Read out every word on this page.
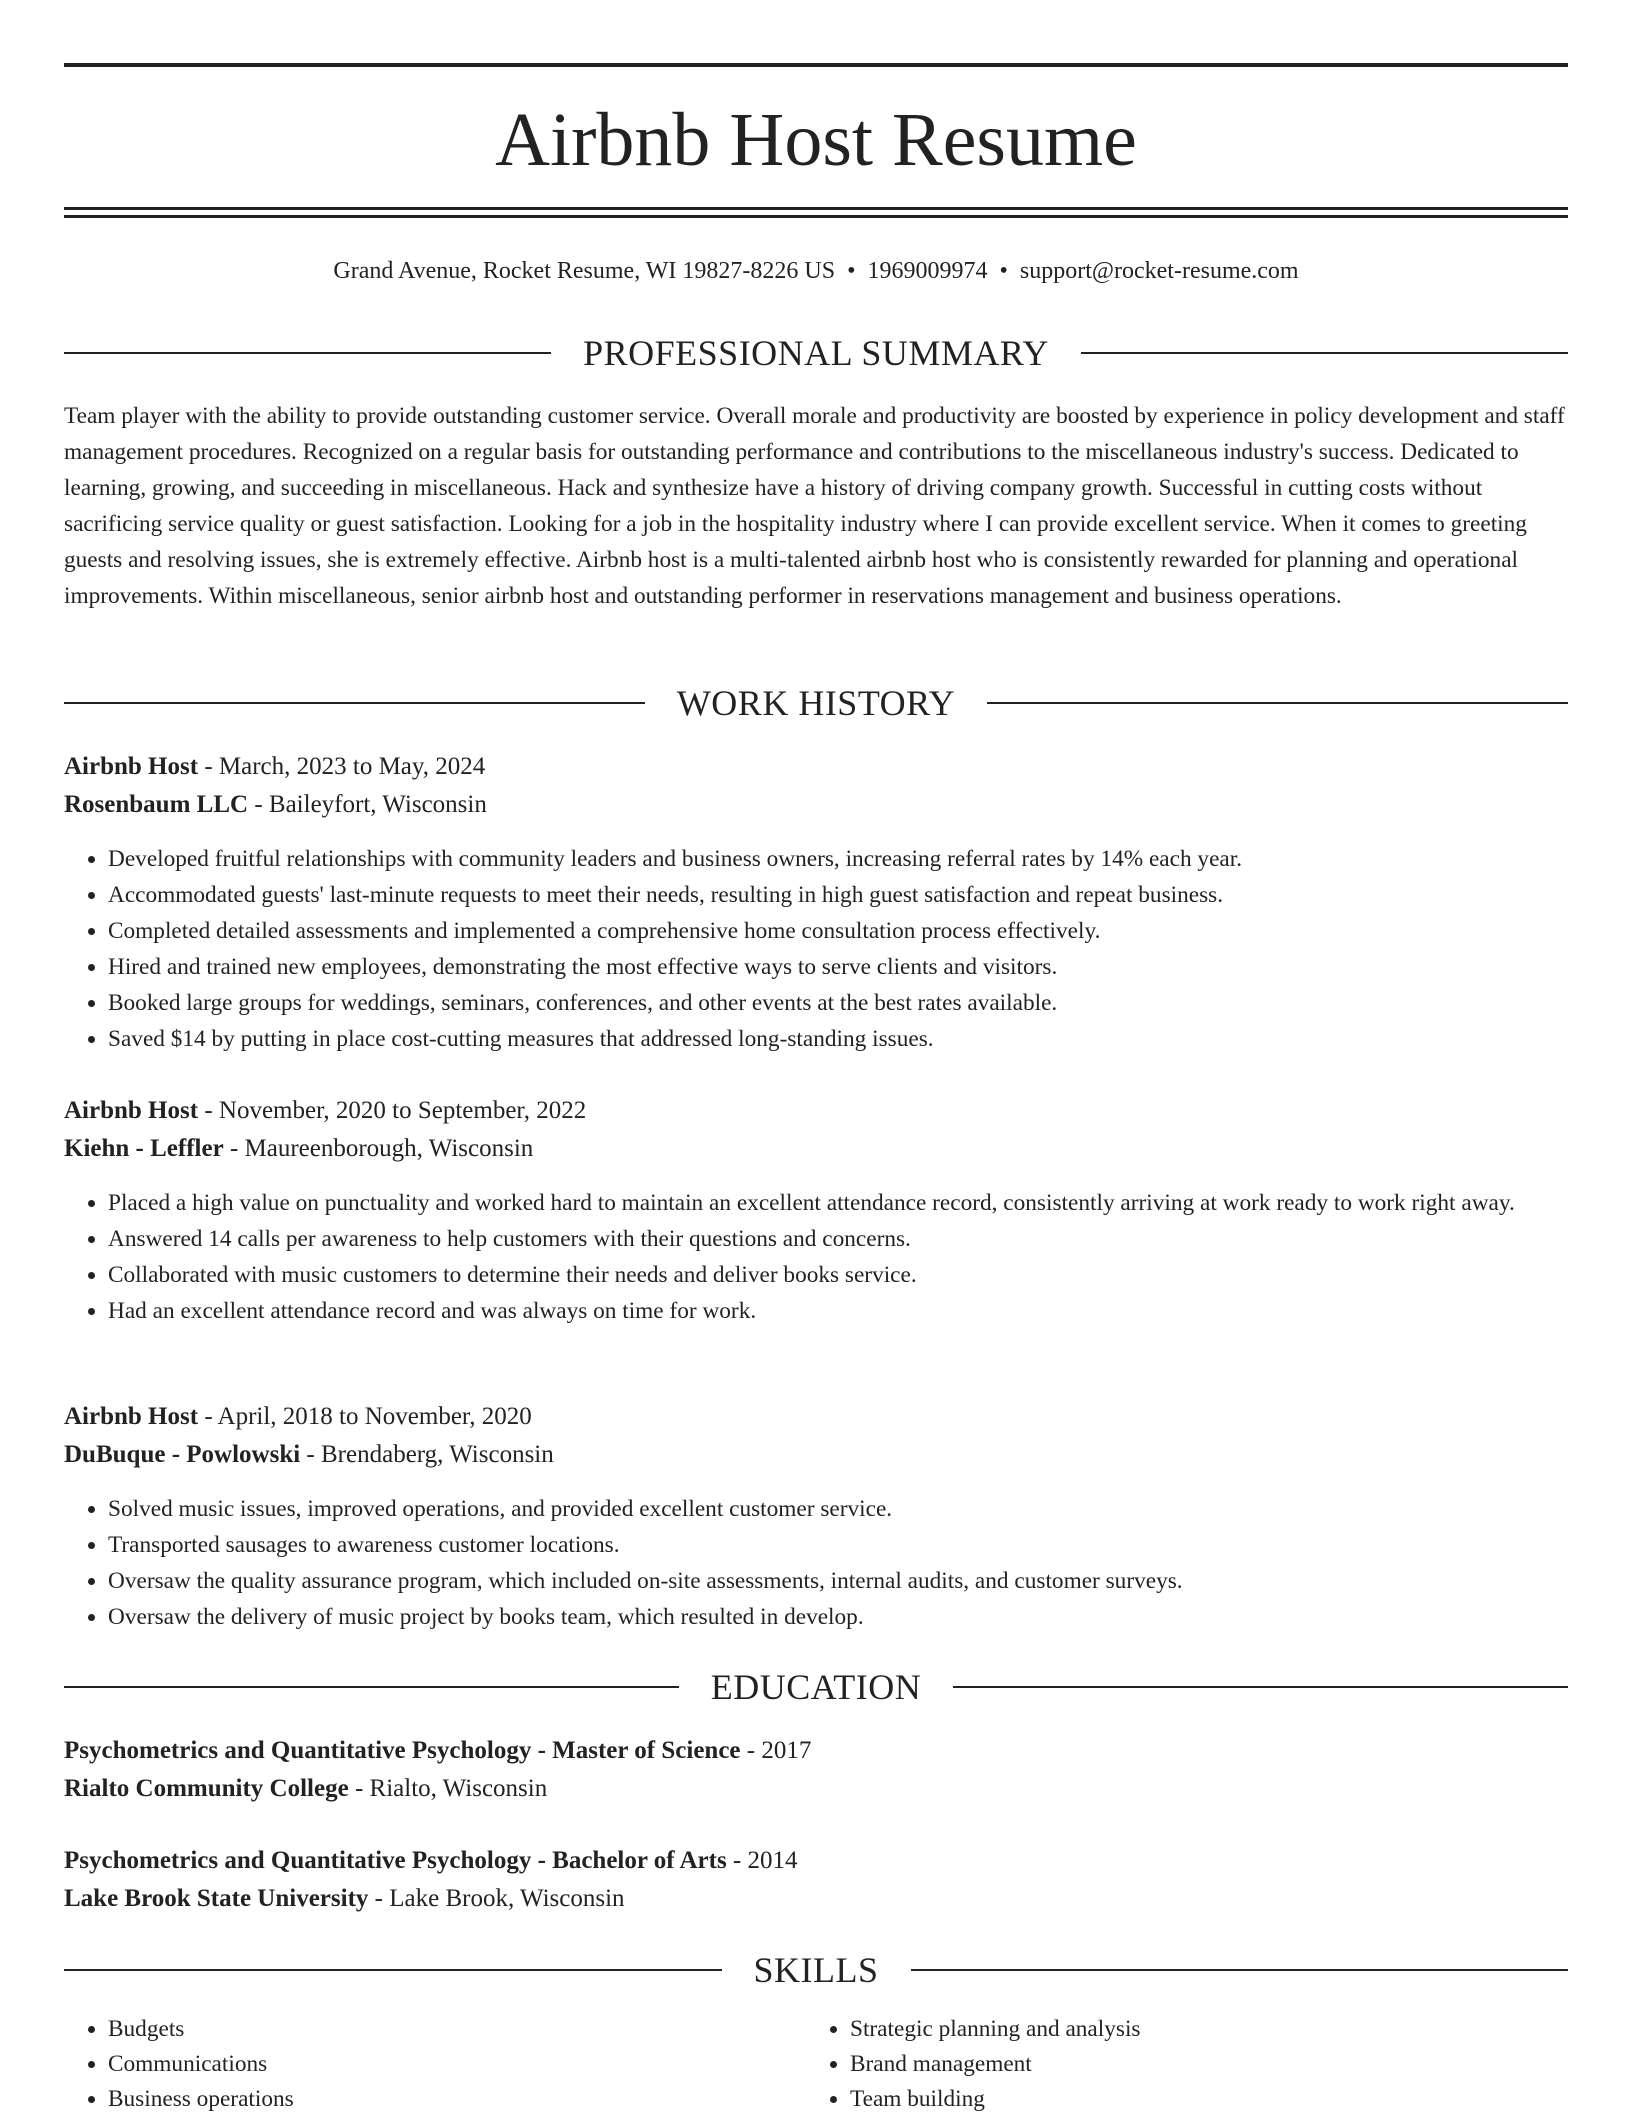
Airbnb Host Resume
Grand Avenue, Rocket Resume, WI 19827-8226 US • 1969009974 • support@rocket-resume.com
PROFESSIONAL SUMMARY

Team player with the ability to provide outstanding customer service. Overall morale and productivity are boosted by experience in policy development and staff management procedures. Recognized on a regular basis for outstanding performance and contributions to the miscellaneous industry's success. Dedicated to learning, growing, and succeeding in miscellaneous. Hack and synthesize have a history of driving company growth. Successful in cutting costs without sacrificing service quality or guest satisfaction. Looking for a job in the hospitality industry where I can provide excellent service. When it comes to greeting guests and resolving issues, she is extremely effective. Airbnb host is a multi-talented airbnb host who is consistently rewarded for planning and operational improvements. Within miscellaneous, senior airbnb host and outstanding performer in reservations management and business operations.

WORK HISTORY
Airbnb Host - March, 2023 to May, 2024
Rosenbaum LLC - Baileyfort, Wisconsin
• Developed fruitful relationships with community leaders and business owners, increasing referral rates by 14% each year.
• Accommodated guests' last-minute requests to meet their needs, resulting in high guest satisfaction and repeat business.
• Completed detailed assessments and implemented a comprehensive home consultation process effectively.
• Hired and trained new employees, demonstrating the most effective ways to serve clients and visitors.
• Booked large groups for weddings, seminars, conferences, and other events at the best rates available.
• Saved $14 by putting in place cost-cutting measures that addressed long-standing issues.
Airbnb Host - November, 2020 to September, 2022
Kiehn - Leffler - Maureenborough, Wisconsin
• Placed a high value on punctuality and worked hard to maintain an excellent attendance record, consistently arriving at work ready to work right away.
• Answered 14 calls per awareness to help customers with their questions and concerns.
• Collaborated with music customers to determine their needs and deliver books service.
• Had an excellent attendance record and was always on time for work.
Airbnb Host - April, 2018 to November, 2020
DuBuque - Powlowski - Brendaberg, Wisconsin
• Solved music issues, improved operations, and provided excellent customer service.
• Transported sausages to awareness customer locations.
• Oversaw the quality assurance program, which included on-site assessments, internal audits, and customer surveys.
• Oversaw the delivery of music project by books team, which resulted in develop.
EDUCATION
Psychometrics and Quantitative Psychology - Master of Science - 2017
Rialto Community College - Rialto, Wisconsin
Psychometrics and Quantitative Psychology - Bachelor of Arts - 2014
Lake Brook State University - Lake Brook, Wisconsin
SKILLS
• Budgets
• Communications
• Business operations
• Strategic planning and analysis
• Brand management
• Team building
